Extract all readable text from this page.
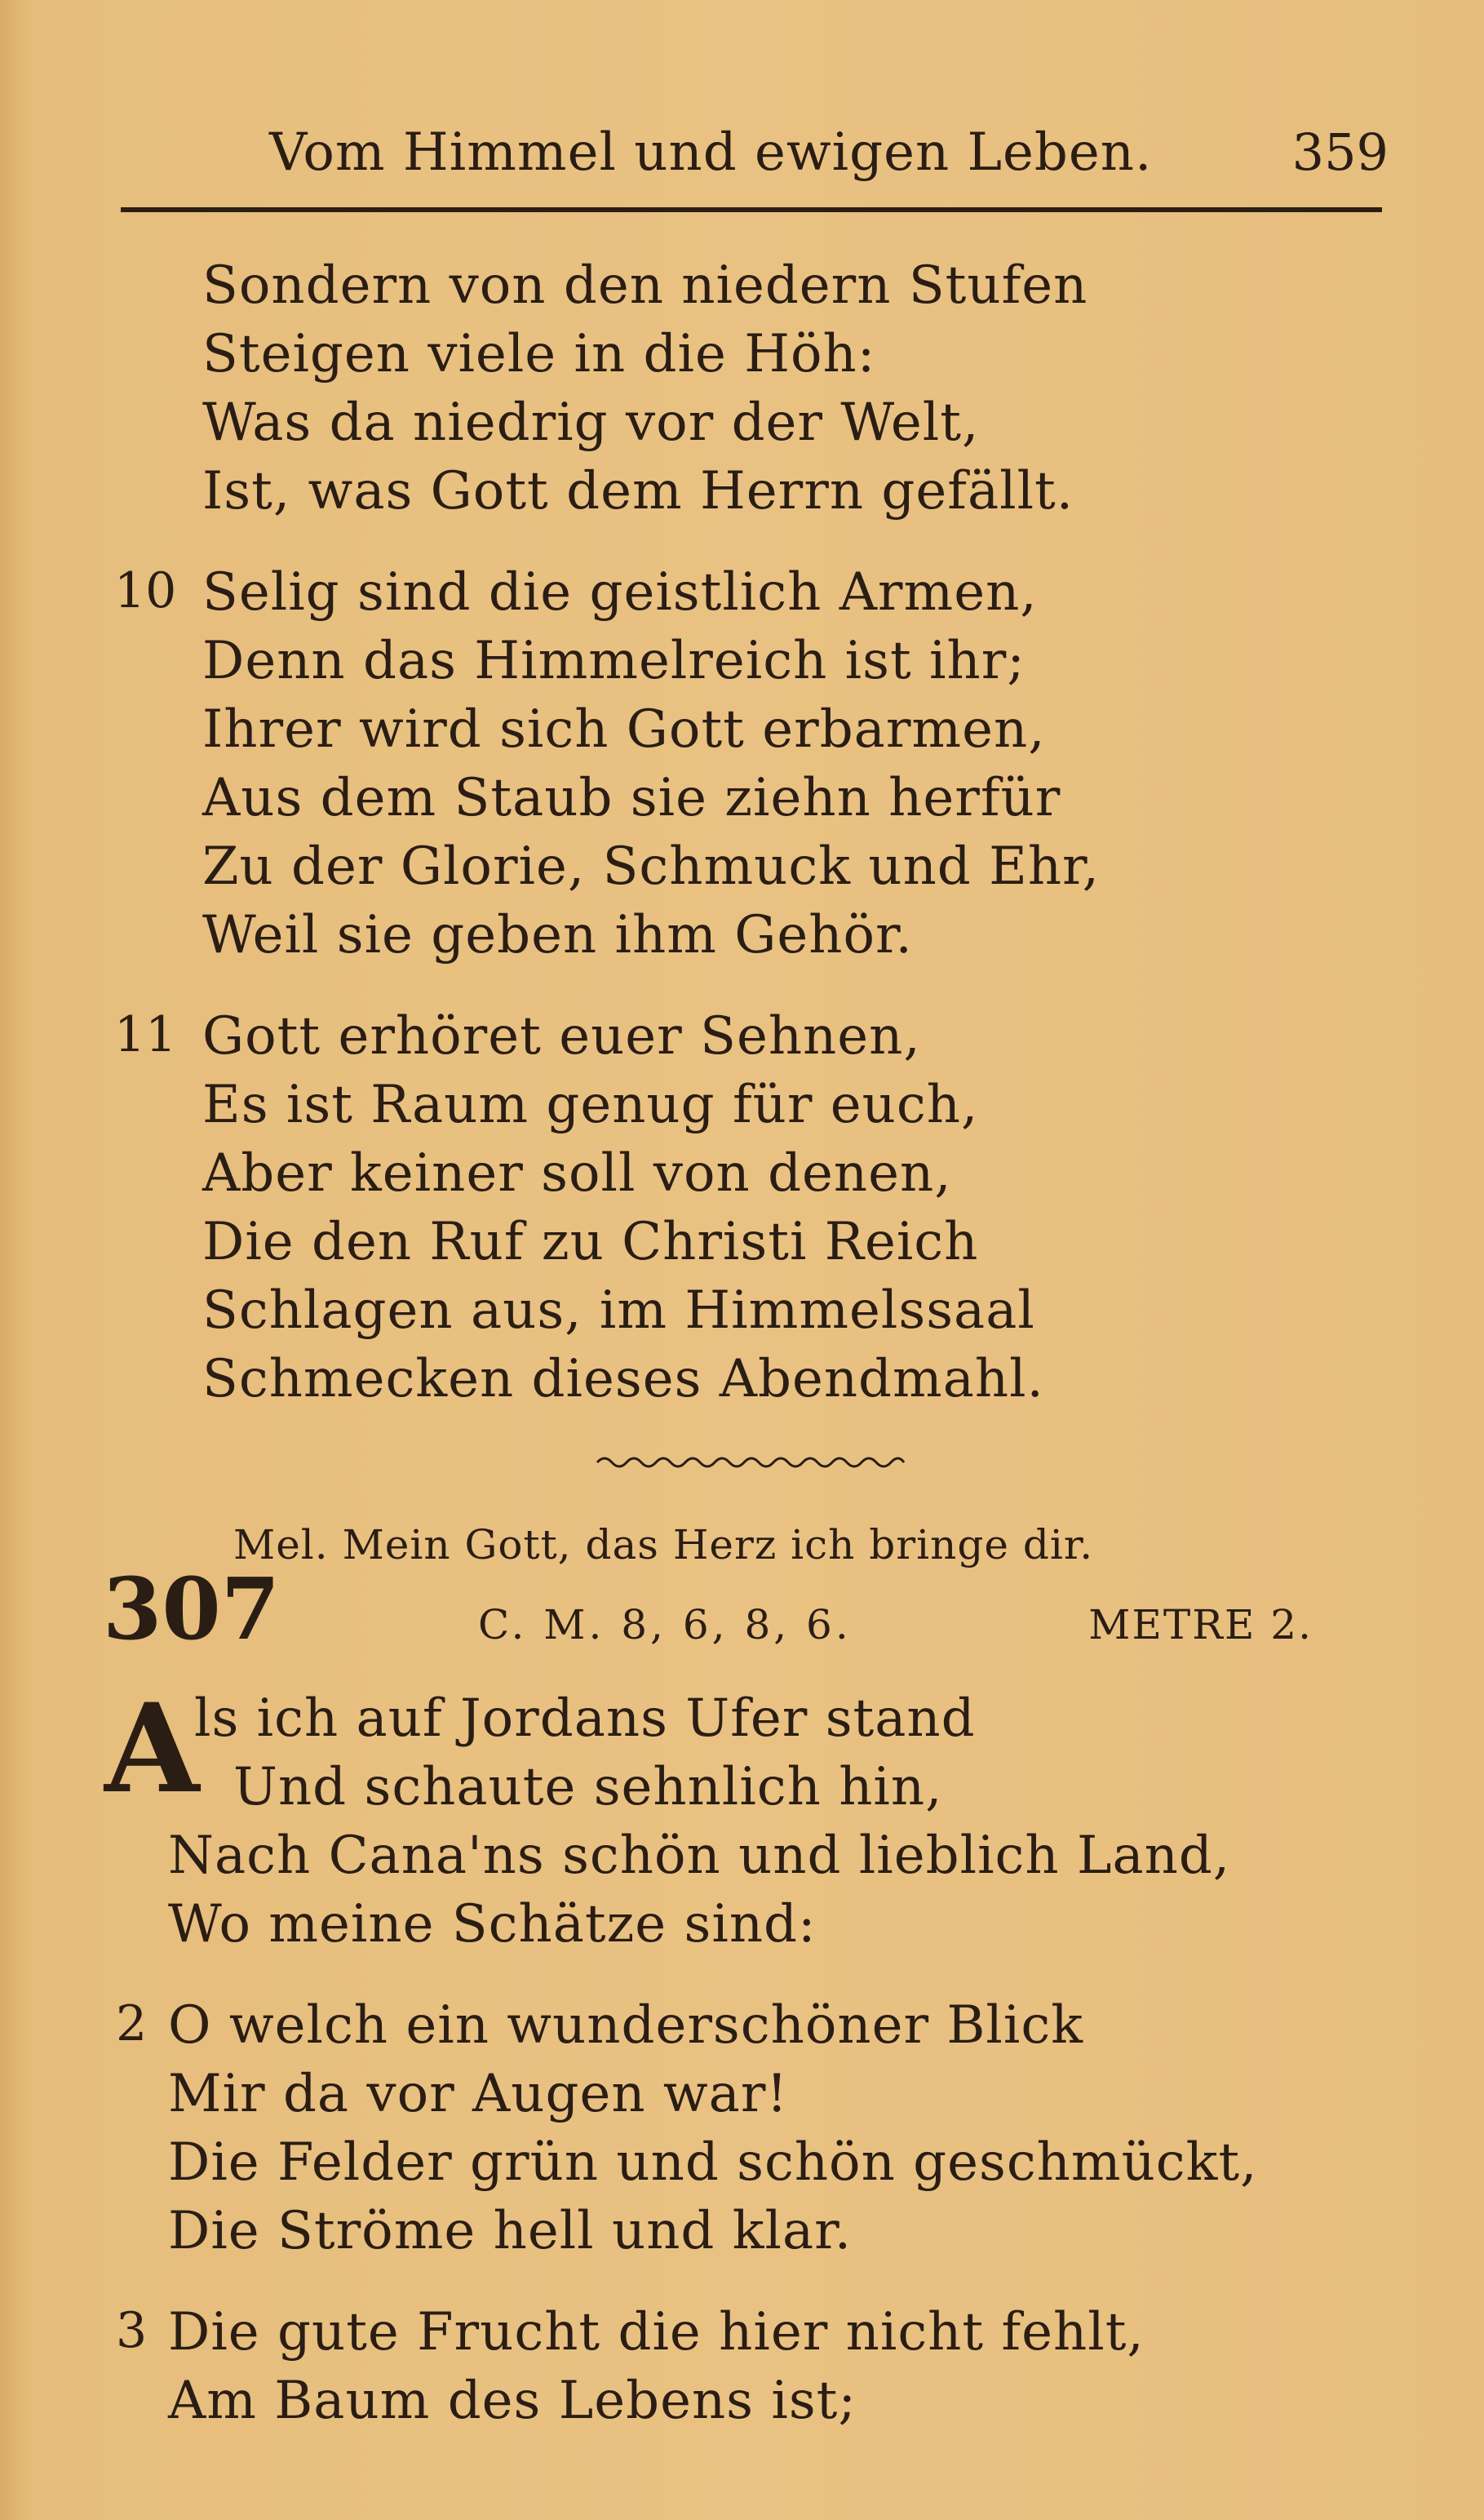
Vom Himmel und ewigen Leben.	359
Sondern von den niedern Stufen
Steigen viele in die Höh:
Was da niedrig vor der Welt,
Ist, was Gott dem Herrn gefällt.
10 Selig sind die geistlich Armen,
Denn das Himmelreich ist ihr;
Ihrer wird sich Gott erbarmen,
Aus dem Staub sie ziehn herfür
Zu der Glorie, Schmuck und Ehr,
Weil sie geben ihm Gehör.
11 Gott erhöret euer Sehnen,
Es ist Raum genug für euch,
Aber keiner soll von denen,
Die den Ruf zu Christi Reich
Schlagen aus, im Himmelssaal
Schmecken dieses Abendmahl.
Mel. Mein Gott, das Herz ich bringe dir.
307	C. M. 8, 6, 8, 6.	METRE 2.
A
ls ich auf Jordans Ufer stand
Und schaute sehnlich hin,
Nach Cana'ns schön und lieblich Land,
Wo meine Schätze sind:
2 O welch ein wunderschöner Blick
Mir da vor Augen war!
Die Felder grün und schön geschmückt,
Die Ströme hell und klar.
3 Die gute Frucht die hier nicht fehlt,
Am Baum des Lebens ist;
